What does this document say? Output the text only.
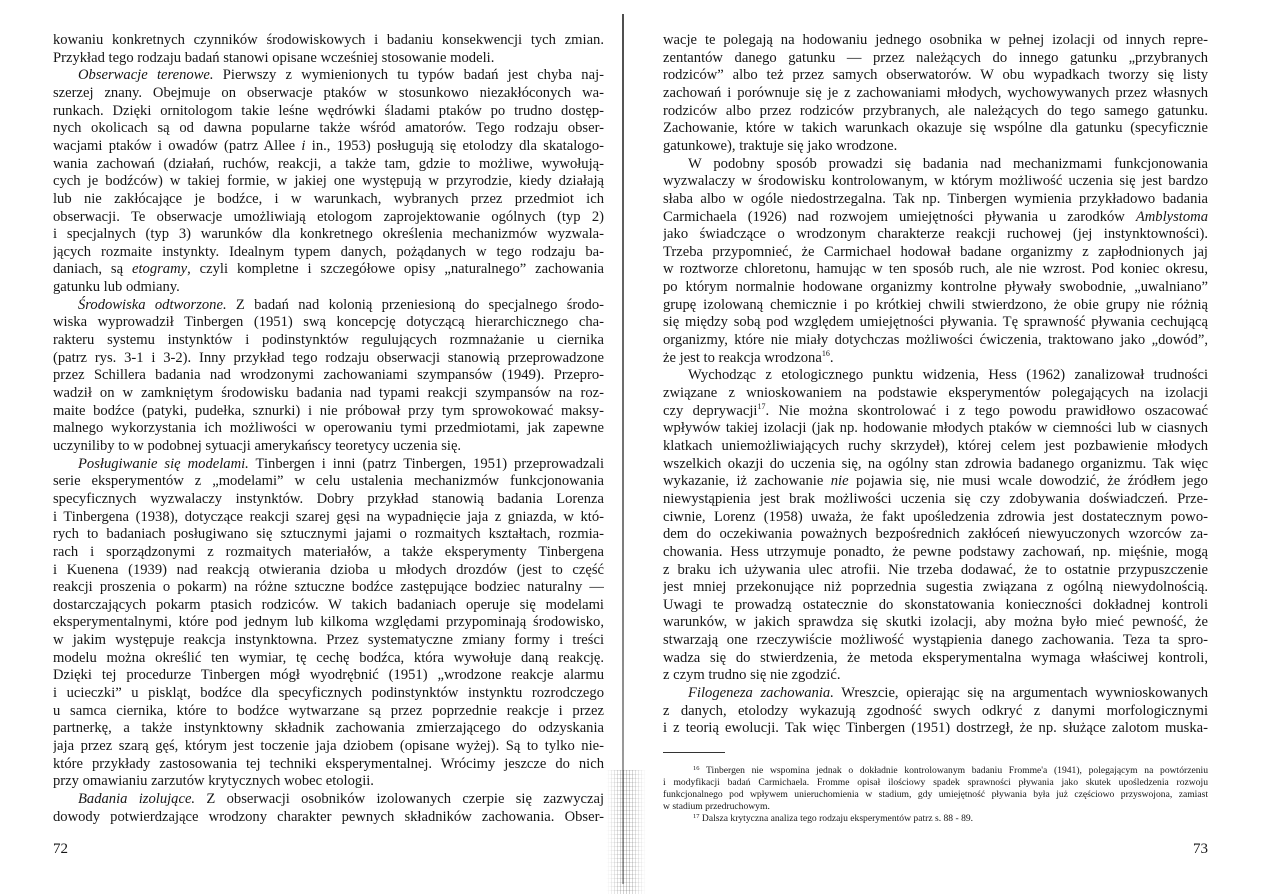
kowaniu konkretnych czynników środowiskowych i badaniu konsekwencji tych zmian.
Przykład tego rodzaju badań stanowi opisane wcześniej stosowanie modeli.
Obserwacje terenowe. Pierwszy z wymienionych tu typów badań jest chyba naj-
szerzej znany. Obejmuje on obserwacje ptaków w stosunkowo niezakłóconych wa-
runkach. Dzięki ornitologom takie leśne wędrówki śladami ptaków po trudno dostęp-
nych okolicach są od dawna popularne także wśród amatorów. Tego rodzaju obser-
wacjami ptaków i owadów (patrz Allee i in., 1953) posługują się etolodzy dla skatalogo-
wania zachowań (działań, ruchów, reakcji, a także tam, gdzie to możliwe, wywołują-
cych je bodźców) w takiej formie, w jakiej one występują w przyrodzie, kiedy działają
lub nie zakłócające je bodźce, i w warunkach, wybranych przez przedmiot ich
obserwacji. Te obserwacje umożliwiają etologom zaprojektowanie ogólnych (typ 2)
i specjalnych (typ 3) warunków dla konkretnego określenia mechanizmów wyzwala-
jących rozmaite instynkty. Idealnym typem danych, pożądanych w tego rodzaju ba-
daniach, są etogramy, czyli kompletne i szczegółowe opisy „naturalnego” zachowania
gatunku lub odmiany.
Środowiska odtworzone. Z badań nad kolonią przeniesioną do specjalnego środo-
wiska wyprowadził Tinbergen (1951) swą koncepcję dotyczącą hierarchicznego cha-
rakteru systemu instynktów i podinstynktów regulujących rozmnażanie u ciernika
(patrz rys. 3-1 i 3-2). Inny przykład tego rodzaju obserwacji stanowią przeprowadzone
przez Schillera badania nad wrodzonymi zachowaniami szympansów (1949). Przepro-
wadził on w zamkniętym środowisku badania nad typami reakcji szympansów na roz-
maite bodźce (patyki, pudełka, sznurki) i nie próbował przy tym sprowokować maksy-
malnego wykorzystania ich możliwości w operowaniu tymi przedmiotami, jak zapewne
uczyniliby to w podobnej sytuacji amerykańscy teoretycy uczenia się.
Posługiwanie się modelami. Tinbergen i inni (patrz Tinbergen, 1951) przeprowadzali
serie eksperymentów z „modelami” w celu ustalenia mechanizmów funkcjonowania
specyficznych wyzwalaczy instynktów. Dobry przykład stanowią badania Lorenza
i Tinbergena (1938), dotyczące reakcji szarej gęsi na wypadnięcie jaja z gniazda, w któ-
rych to badaniach posługiwano się sztucznymi jajami o rozmaitych kształtach, rozmia-
rach i sporządzonymi z rozmaitych materiałów, a także eksperymenty Tinbergena
i Kuenena (1939) nad reakcją otwierania dzioba u młodych drozdów (jest to część
reakcji proszenia o pokarm) na różne sztuczne bodźce zastępujące bodziec naturalny —
dostarczających pokarm ptasich rodziców. W takich badaniach operuje się modelami
eksperymentalnymi, które pod jednym lub kilkoma względami przypominają środowisko,
w jakim występuje reakcja instynktowna. Przez systematyczne zmiany formy i treści
modelu można określić ten wymiar, tę cechę bodźca, która wywołuje daną reakcję.
Dzięki tej procedurze Tinbergen mógł wyodrębnić (1951) „wrodzone reakcje alarmu
i ucieczki” u piskląt, bodźce dla specyficznych podinstynktów instynktu rozrodczego
u samca ciernika, które to bodźce wytwarzane są przez poprzednie reakcje i przez
partnerkę, a także instynktowny składnik zachowania zmierzającego do odzyskania
jaja przez szarą gęś, którym jest toczenie jaja dziobem (opisane wyżej). Są to tylko nie-
które przykłady zastosowania tej techniki eksperymentalnej. Wrócimy jeszcze do nich
przy omawianiu zarzutów krytycznych wobec etologii.
Badania izolujące. Z obserwacji osobników izolowanych czerpie się zazwyczaj
dowody potwierdzające wrodzony charakter pewnych składników zachowania. Obser-
72
wacje te polegają na hodowaniu jednego osobnika w pełnej izolacji od innych repre-
zentantów danego gatunku — przez należących do innego gatunku „przybranych
rodziców” albo też przez samych obserwatorów. W obu wypadkach tworzy się listy
zachowań i porównuje się je z zachowaniami młodych, wychowywanych przez własnych
rodziców albo przez rodziców przybranych, ale należących do tego samego gatunku.
Zachowanie, które w takich warunkach okazuje się wspólne dla gatunku (specyficznie
gatunkowe), traktuje się jako wrodzone.
W podobny sposób prowadzi się badania nad mechanizmami funkcjonowania
wyzwalaczy w środowisku kontrolowanym, w którym możliwość uczenia się jest bardzo
słaba albo w ogóle niedostrzegalna. Tak np. Tinbergen wymienia przykładowo badania
Carmichaela (1926) nad rozwojem umiejętności pływania u zarodków Amblystoma
jako świadczące o wrodzonym charakterze reakcji ruchowej (jej instynktowności).
Trzeba przypomnieć, że Carmichael hodował badane organizmy z zapłodnionych jaj
w roztworze chloretonu, hamując w ten sposób ruch, ale nie wzrost. Pod koniec okresu,
po którym normalnie hodowane organizmy kontrolne pływały swobodnie, „uwalniano”
grupę izolowaną chemicznie i po krótkiej chwili stwierdzono, że obie grupy nie różnią
się między sobą pod względem umiejętności pływania. Tę sprawność pływania cechującą
organizmy, które nie miały dotychczas możliwości ćwiczenia, traktowano jako „dowód”,
że jest to reakcja wrodzona$^{16}$.
Wychodząc z etologicznego punktu widzenia, Hess (1962) zanalizował trudności
związane z wnioskowaniem na podstawie eksperymentów polegających na izolacji
czy deprywacji$^{17}$. Nie można skontrolować i z tego powodu prawidłowo oszacować
wpływów takiej izolacji (jak np. hodowanie młodych ptaków w ciemności lub w ciasnych
klatkach uniemożliwiających ruchy skrzydeł), której celem jest pozbawienie młodych
wszelkich okazji do uczenia się, na ogólny stan zdrowia badanego organizmu. Tak więc
wykazanie, iż zachowanie nie pojawia się, nie musi wcale dowodzić, że źródłem jego
niewystąpienia jest brak możliwości uczenia się czy zdobywania doświadczeń. Prze-
ciwnie, Lorenz (1958) uważa, że fakt upośledzenia zdrowia jest dostatecznym powo-
dem do oczekiwania poważnych bezpośrednich zakłóceń niewyuczonych wzorców za-
chowania. Hess utrzymuje ponadto, że pewne podstawy zachowań, np. mięśnie, mogą
z braku ich używania ulec atrofii. Nie trzeba dodawać, że to ostatnie przypuszczenie
jest mniej przekonujące niż poprzednia sugestia związana z ogólną niewydolnością.
Uwagi te prowadzą ostatecznie do skonstatowania konieczności dokładnej kontroli
warunków, w jakich sprawdza się skutki izolacji, aby można było mieć pewność, że
stwarzają one rzeczywiście możliwość wystąpienia danego zachowania. Teza ta spro-
wadza się do stwierdzenia, że metoda eksperymentalna wymaga właściwej kontroli,
z czym trudno się nie zgodzić.
Filogeneza zachowania. Wreszcie, opierając się na argumentach wywnioskowanych
z danych, etolodzy wykazują zgodność swych odkryć z danymi morfologicznymi
i z teorią ewolucji. Tak więc Tinbergen (1951) dostrzegł, że np. służące zalotom muska-
$^{16}$ Tinbergen nie wspomina jednak o dokładnie kontrolowanym badaniu Fromme'a (1941), polegającym na powtórzeniu
i modyfikacji badań Carmichaela. Fromme opisał ilościowy spadek sprawności pływania jako skutek upośledzenia rozwoju
funkcjonalnego pod wpływem unieruchomienia w stadium, gdy umiejętność pływania była już częściowo przyswojona, zamiast
w stadium przedruchowym.
$^{17}$ Dalsza krytyczna analiza tego rodzaju eksperymentów patrz s. 88 - 89.
73
